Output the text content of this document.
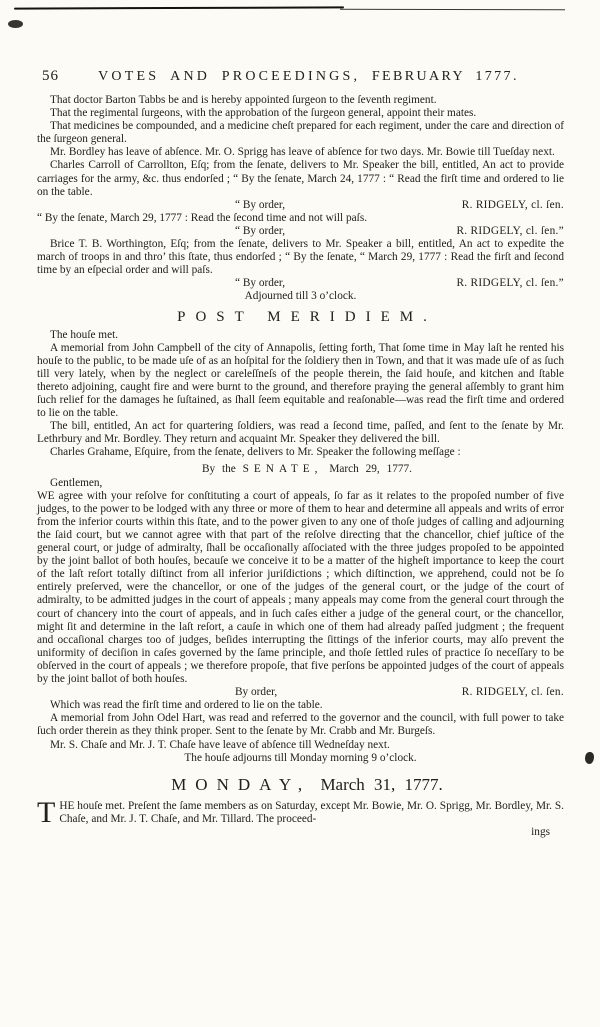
56	VOTES AND PROCEEDINGS, FEBRUARY 1777.

That doctor Barton Tabbs be and is hereby appointed ſurgeon to the ſeventh regiment.

That the regimental ſurgeons, with the approbation of the ſurgeon general, appoint their mates.

That medicines be compounded, and a medicine cheſt prepared for each regiment, under the care and direction of the ſurgeon general.

Mr. Bordley has leave of abſence. Mr. O. Sprigg has leave of abſence for two days. Mr. Bowie till Tueſday next.

Charles Carroll of Carrollton, Eſq; from the ſenate, delivers to Mr. Speaker the bill, entitled, An act to provide carriages for the army, &c. thus endorſed ; “ By the ſenate, March 24, 1777 : “ Read the firſt time and ordered to lie on the table.

“ By order,	R. RIDGELY, cl. ſen.

“ By the ſenate, March 29, 1777 : Read the ſecond time and not will paſs.

“ By order,	R. RIDGELY, cl. ſen.”

Brice T. B. Worthington, Eſq; from the ſenate, delivers to Mr. Speaker a bill, entitled, An act to expedite the march of troops in and thro’ this ſtate, thus endorſed ; “ By the ſenate, “ March 29, 1777 : Read the firſt and ſecond time by an eſpecial order and will paſs.

“ By order,	R. RIDGELY, cl. ſen.”

Adjourned till 3 o’clock.

POST MERIDIEM.

The houſe met.

A memorial from John Campbell of the city of Annapolis, ſetting forth, That ſome time in May laſt he rented his houſe to the public, to be made uſe of as an hoſpital for the ſoldiery then in Town, and that it was made uſe of as ſuch till very lately, when by the neglect or careleſſneſs of the people therein, the ſaid houſe, and kitchen and ſtable thereto adjoining, caught fire and were burnt to the ground, and therefore praying the general aſſembly to grant him ſuch relief for the damages he ſuſtained, as ſhall ſeem equitable and reaſonable—was read the firſt time and ordered to lie on the table.

The bill, entitled, An act for quartering ſoldiers, was read a ſecond time, paſſed, and ſent to the ſenate by Mr. Lethrbury and Mr. Bordley. They return and acquaint Mr. Speaker they delivered the bill.

Charles Grahame, Eſquire, from the ſenate, delivers to Mr. Speaker the following meſſage :

By the SENATE, March 29, 1777.

Gentlemen,

WE agree with your reſolve for conſtituting a court of appeals, ſo far as it relates to the propoſed number of five judges, to the power to be lodged with any three or more of them to hear and determine all appeals and writs of error from the inferior courts within this ſtate, and to the power given to any one of thoſe judges of calling and adjourning the ſaid court, but we cannot agree with that part of the reſolve directing that the chancellor, chief juſtice of the general court, or judge of admiralty, ſhall be occaſionally aſſociated with the three judges propoſed to be appointed by the joint ballot of both houſes, becauſe we conceive it to be a matter of the higheſt importance to keep the court of the laſt reſort totally diſtinct from all inferior juriſdictions ; which diſtinction, we apprehend, could not be ſo entirely preſerved, were the chancellor, or one of the judges of the general court, or the judge of the court of admiralty, to be admitted judges in the court of appeals ; many appeals may come from the general court through the court of chancery into the court of appeals, and in ſuch caſes either a judge of the general court, or the chancellor, might ſit and determine in the laſt reſort, a cauſe in which one of them had already paſſed judgment ; the frequent and occaſional charges too of judges, beſides interrupting the ſittings of the inferior courts, may alſo prevent the uniformity of deciſion in caſes governed by the ſame principle, and thoſe ſettled rules of practice ſo neceſſary to be obſerved in the court of appeals ; we therefore propoſe, that five perſons be appointed judges of the court of appeals by the joint ballot of both houſes.

By order,	R. RIDGELY, cl. ſen.

Which was read the firſt time and ordered to lie on the table.

A memorial from John Odel Hart, was read and referred to the governor and the council, with full power to take ſuch order therein as they think proper. Sent to the ſenate by Mr. Crabb and Mr. Burgeſs.

Mr. S. Chaſe and Mr. J. T. Chaſe have leave of abſence till Wedneſday next.

The houſe adjourns till Monday morning 9 o’clock.

MONDAY, March 31, 1777.

THE houſe met. Preſent the ſame members as on Saturday, except Mr. Bowie, Mr. O. Sprigg, Mr. Bordley, Mr. S. Chaſe, and Mr. J. T. Chaſe, and Mr. Tillard. The proceed-

ings
